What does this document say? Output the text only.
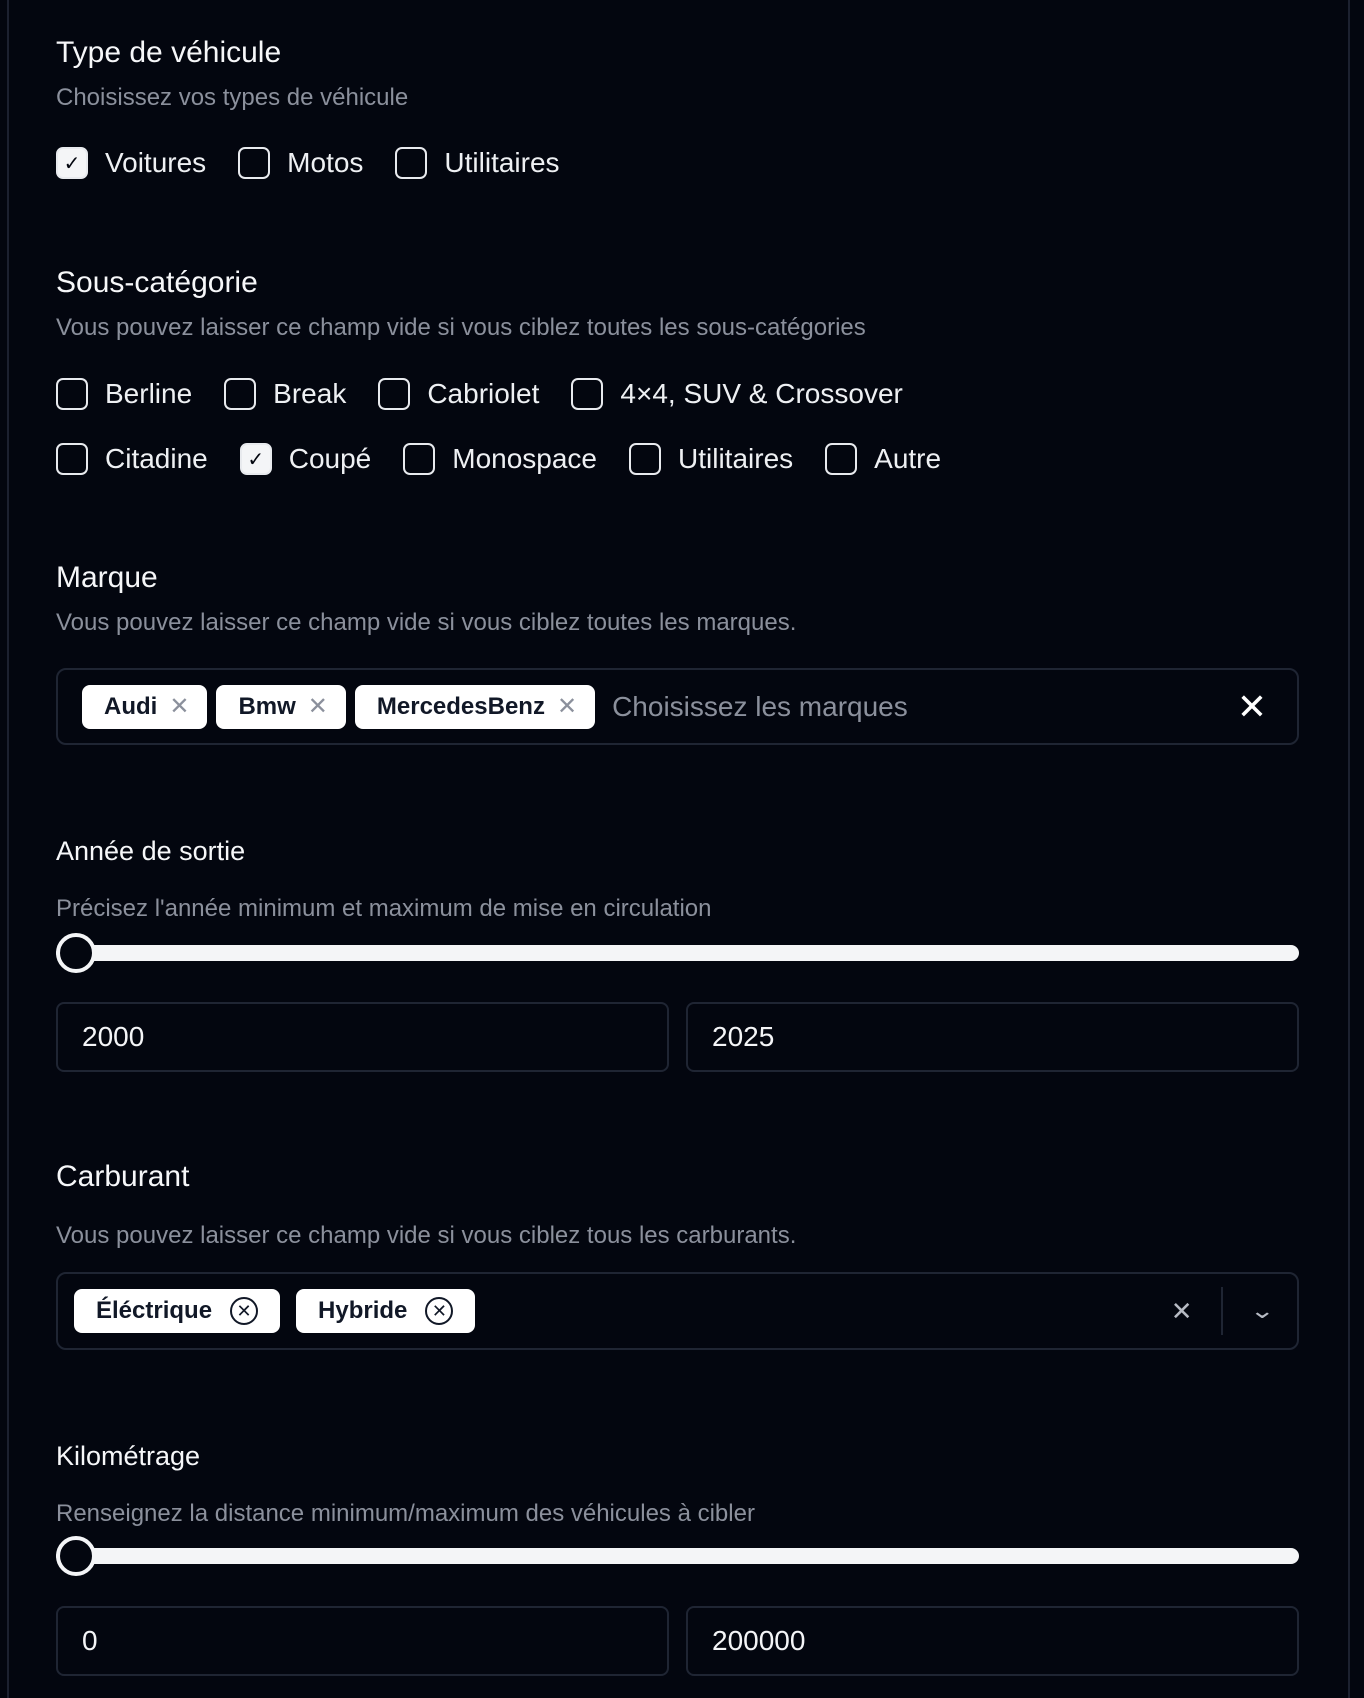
Type de véhicule
Choisissez vos types de véhicule
✓ Voitures	Motos	Utilitaires
Sous-catégorie
Vous pouvez laisser ce champ vide si vous ciblez toutes les sous-catégories
Berline	Break	Cabriolet	4×4, SUV & Crossover
Citadine	✓ Coupé	Monospace	Utilitaires	Autre
Marque
Vous pouvez laisser ce champ vide si vous ciblez toutes les marques.
Audi ✕ Bmw ✕ MercedesBenz ✕ Choisissez les marques	✕
Année de sortie
Précisez l'année minimum et maximum de mise en circulation
2000
2025
Carburant
Vous pouvez laisser ce champ vide si vous ciblez tous les carburants.
Éléctrique	✕	Hybride	✕	✕	⌄
Kilométrage
Renseignez la distance minimum/maximum des véhicules à cibler
0
200000
